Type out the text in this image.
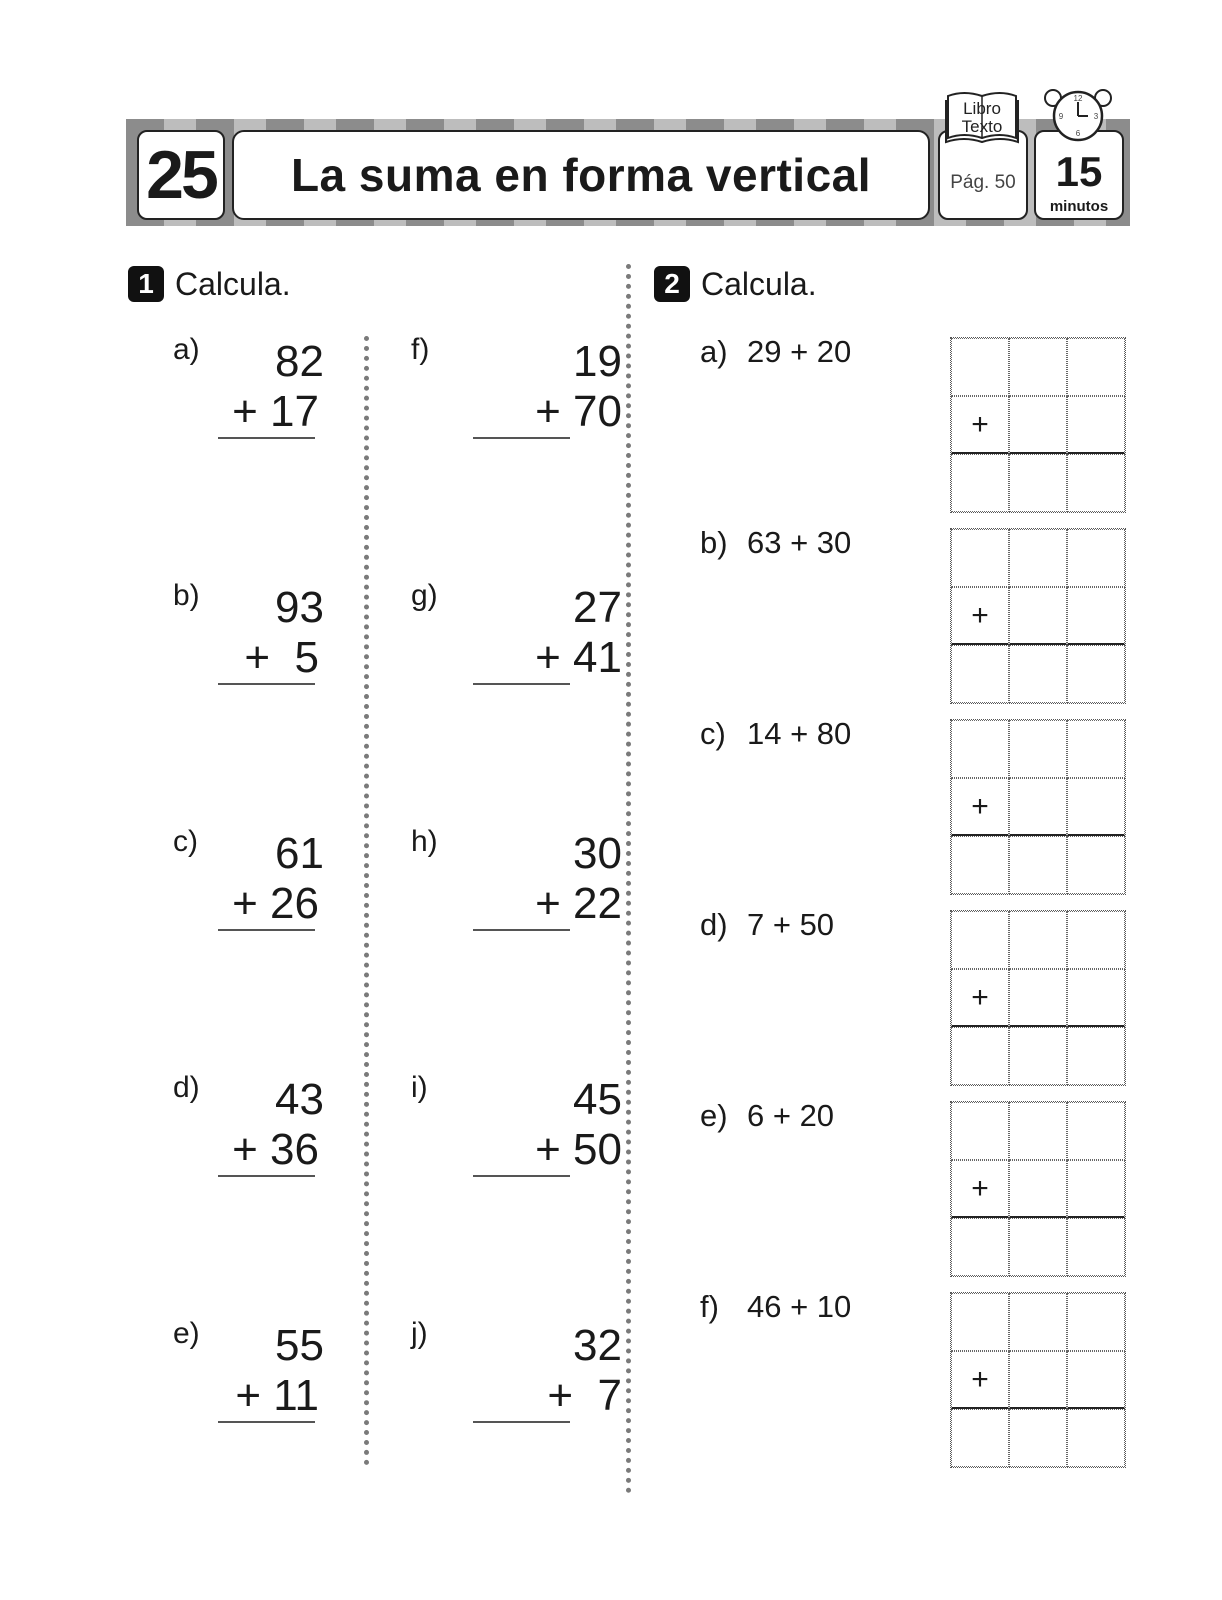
25	La suma en forma vertical	Pág. 50
Libro
Texto
15
minutos
12
3
6
9
1 Calcula.	2 Calcula.
a) 82
+ 17
b) 93
+  5
c) 61
+ 26
d) 43
+ 36
e) 55
+ 11
f)	19
+ 70
g)	27
+ 41
h)	30
+ 22
i)	45
+ 50
j)	32
+  7
a) 29 + 20
+
b) 63 + 30
+
c) 14 + 80
+
d) 7 + 50
+
e) 6 + 20
+
f) 46 + 10
+
